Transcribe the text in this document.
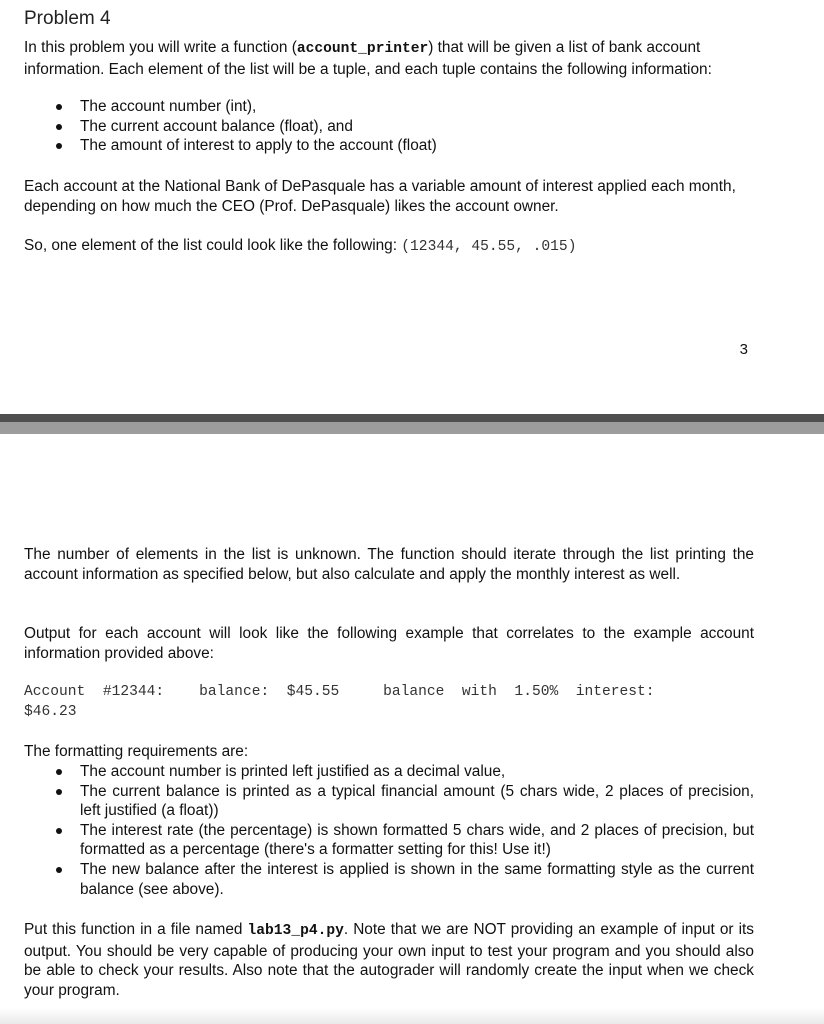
Problem 4
In this problem you will write a function (account_printer) that will be given a list of bank account information. Each element of the list will be a tuple, and each tuple contains the following information:
The account number (int),
The current account balance (float), and
The amount of interest to apply to the account (float)
Each account at the National Bank of DePasquale has a variable amount of interest applied each month, depending on how much the CEO (Prof. DePasquale) likes the account owner.
So, one element of the list could look like the following: (12344, 45.55, .015)
3
The number of elements in the list is unknown. The function should iterate through the list printing the account information as specified below, but also calculate and apply the monthly interest as well.
Output for each account will look like the following example that correlates to the example account information provided above:
Account  #12344:    balance:  $45.55     balance  with  1.50%  interest:
$46.23
The formatting requirements are:
The account number is printed left justified as a decimal value,
The current balance is printed as a typical financial amount (5 chars wide, 2 places of precision, left justified (a float))
The interest rate (the percentage) is shown formatted 5 chars wide, and 2 places of precision, but formatted as a percentage (there's a formatter setting for this! Use it!)
The new balance after the interest is applied is shown in the same formatting style as the current balance (see above).
Put this function in a file named lab13_p4.py. Note that we are NOT providing an example of input or its output. You should be very capable of producing your own input to test your program and you should also be able to check your results. Also note that the autograder will randomly create the input when we check your program.
